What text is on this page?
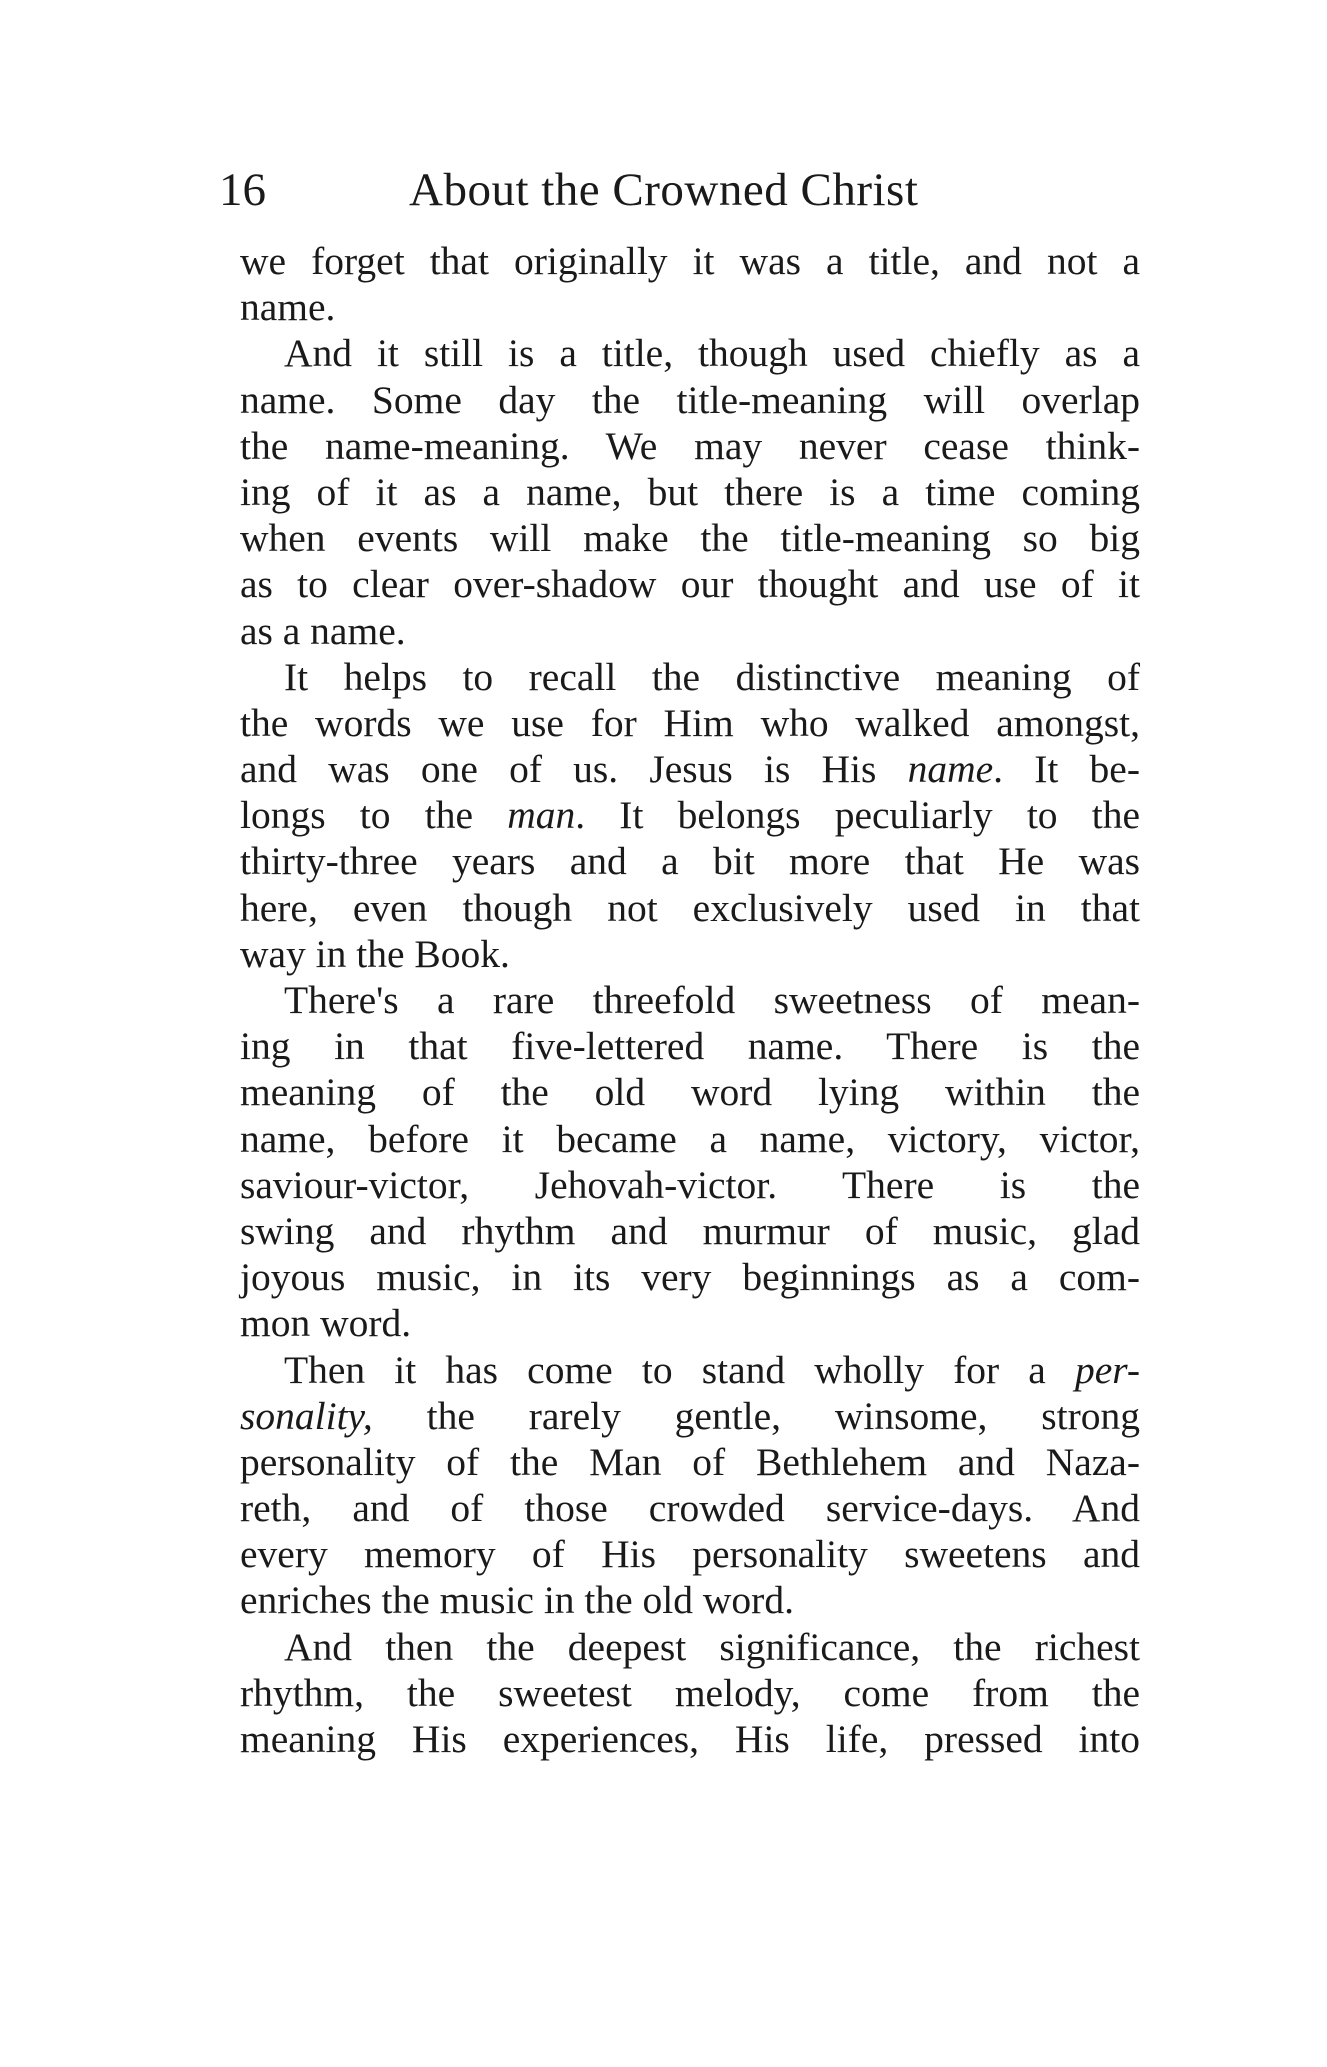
16	About the Crowned Christ
we forget that originally it was a title, and not a
name.
And it still is a title, though used chiefly as a
name. Some day the title-meaning will overlap
the name-meaning. We may never cease think-
ing of it as a name, but there is a time coming
when events will make the title-meaning so big
as to clear over-shadow our thought and use of it
as a name.
It helps to recall the distinctive meaning of
the words we use for Him who walked amongst,
and was one of us. Jesus is His name. It be-
longs to the man. It belongs peculiarly to the
thirty-three years and a bit more that He was
here, even though not exclusively used in that
way in the Book.
There's a rare threefold sweetness of mean-
ing in that five-lettered name. There is the
meaning of the old word lying within the
name, before it became a name, victory, victor,
saviour-victor, Jehovah-victor. There is the
swing and rhythm and murmur of music, glad
joyous music, in its very beginnings as a com-
mon word.
Then it has come to stand wholly for a per-
sonality, the rarely gentle, winsome, strong
personality of the Man of Bethlehem and Naza-
reth, and of those crowded service-days. And
every memory of His personality sweetens and
enriches the music in the old word.
And then the deepest significance, the richest
rhythm, the sweetest melody, come from the
meaning His experiences, His life, pressed into
